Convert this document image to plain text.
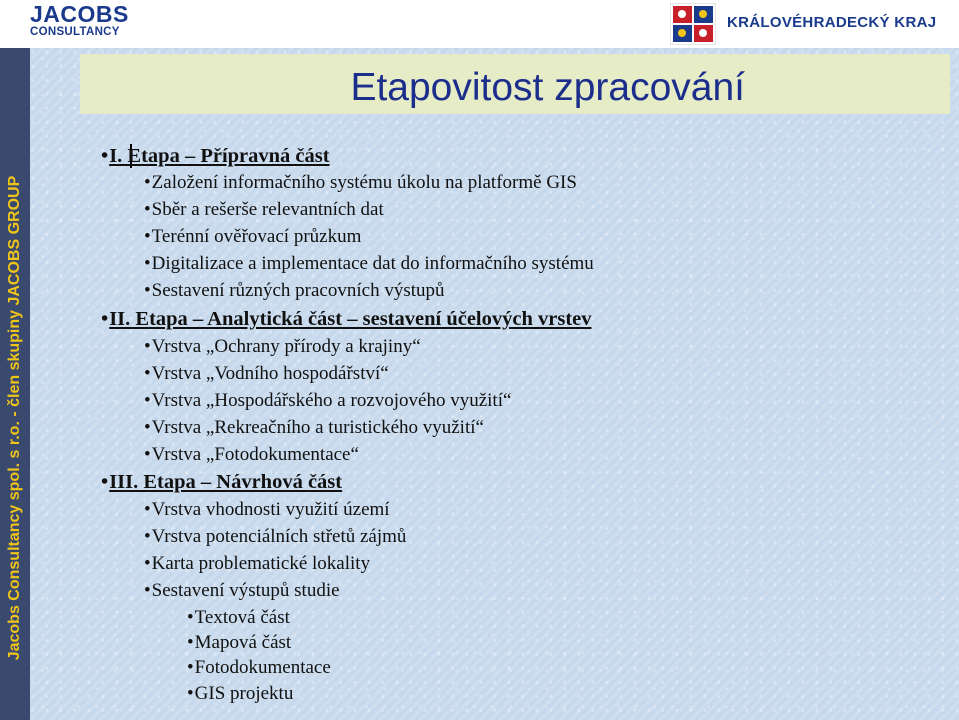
JACOBS
CONSULTANCY
KRÁLOVÉHRADECKÝ KRAJ
Jacobs Consultancy spol. s r.o. - člen skupiny JACOBS GROUP
Etapovitost zpracování
• I. Etapa – Přípravná část
• Založení informačního systému úkolu na platformě GIS
• Sběr a rešerše relevantních dat
• Terénní ověřovací průzkum
• Digitalizace a implementace dat do informačního systému
• Sestavení různých pracovních výstupů
• II. Etapa – Analytická část – sestavení účelových vrstev
• Vrstva „Ochrany přírody a krajiny“
• Vrstva „Vodního hospodářství“
• Vrstva „Hospodářského a rozvojového využití“
• Vrstva „Rekreačního a turistického využití“
• Vrstva „Fotodokumentace“
• III. Etapa – Návrhová část
• Vrstva vhodnosti využití území
• Vrstva potenciálních střetů zájmů
• Karta problematické lokality
• Sestavení výstupů studie
• Textová část
• Mapová část
• Fotodokumentace
• GIS projektu
